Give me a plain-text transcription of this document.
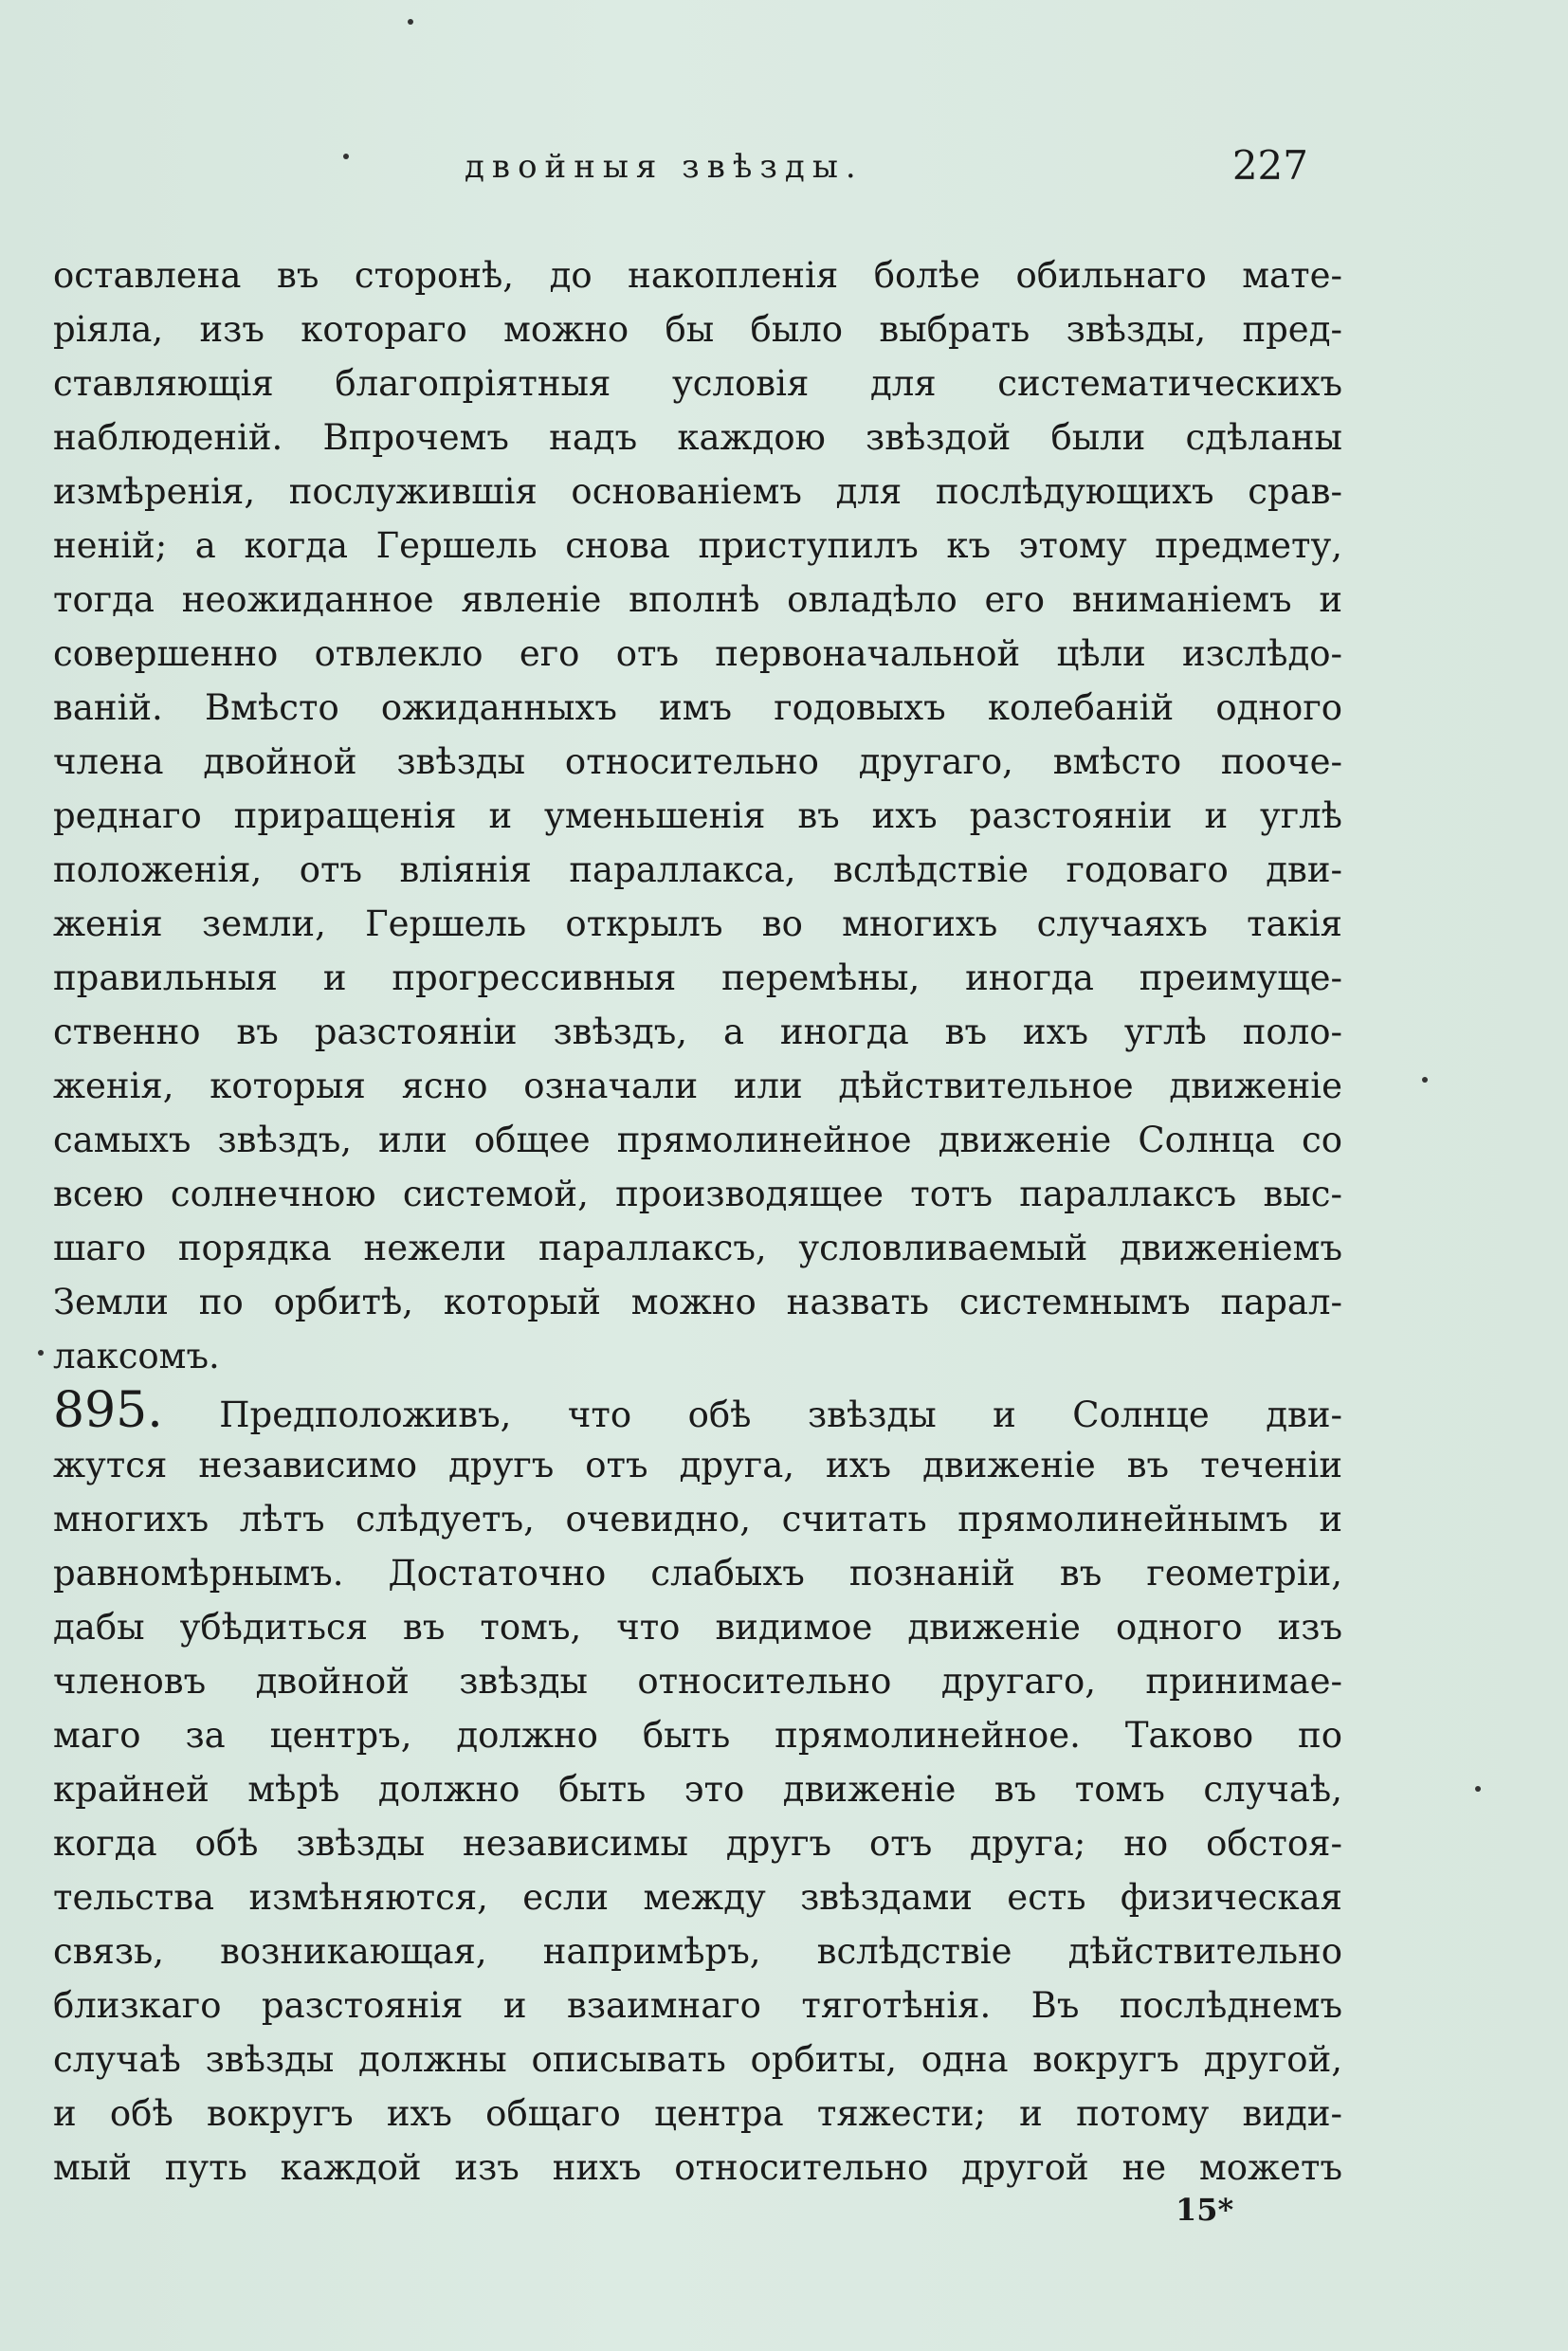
двойныя звѣзды.	227
оставлена въ сторонѣ, до накопленія болѣе обильнаго мате-
ріяла, изъ котораго можно бы было выбрать звѣзды, пред-
ставляющія благопріятныя условія для систематическихъ
наблюденій. Впрочемъ надъ каждою звѣздой были сдѣланы
измѣренія, послужившія основаніемъ для послѣдующихъ срав-
неній; а когда Гершель снова приступилъ къ этому предмету,
тогда неожиданное явленіе вполнѣ овладѣло его вниманіемъ и
совершенно отвлекло его отъ первоначальной цѣли изслѣдо-
ваній. Вмѣсто ожиданныхъ имъ годовыхъ колебаній одного
члена двойной звѣзды относительно другаго, вмѣсто пооче-
реднаго приращенія и уменьшенія въ ихъ разстояніи и углѣ
положенія, отъ вліянія параллакса, вслѣдствіе годоваго дви-
женія земли, Гершель открылъ во многихъ случаяхъ такія
правильныя и прогрессивныя перемѣны, иногда преимуще-
ственно въ разстояніи звѣздъ, а иногда въ ихъ углѣ поло-
женія, которыя ясно означали или дѣйствительное движеніе
самыхъ звѣздъ, или общее прямолинейное движеніе Солнца со
всею солнечною системой, производящее тотъ параллаксъ выс-
шаго порядка нежели параллаксъ, условливаемый движеніемъ
Земли по орбитѣ, который можно назвать системнымъ парал-
лаксомъ.
895. Предположивъ, что обѣ звѣзды и Солнце дви-
жутся независимо другъ отъ друга, ихъ движеніе въ теченіи
многихъ лѣтъ слѣдуетъ, очевидно, считать прямолинейнымъ и
равномѣрнымъ. Достаточно слабыхъ познаній въ геометріи,
дабы убѣдиться въ томъ, что видимое движеніе одного изъ
членовъ двойной звѣзды относительно другаго, принимае-
маго за центръ, должно быть прямолинейное. Таково по
крайней мѣрѣ должно быть это движеніе въ томъ случаѣ,
когда обѣ звѣзды независимы другъ отъ друга; но обстоя-
тельства измѣняются, если между звѣздами есть физическая
связь, возникающая, напримѣръ, вслѣдствіе дѣйствительно
близкаго разстоянія и взаимнаго тяготѣнія. Въ послѣднемъ
случаѣ звѣзды должны описывать орбиты, одна вокругъ другой,
и обѣ вокругъ ихъ общаго центра тяжести; и потому види-
мый путь каждой изъ нихъ относительно другой не можетъ
15*
